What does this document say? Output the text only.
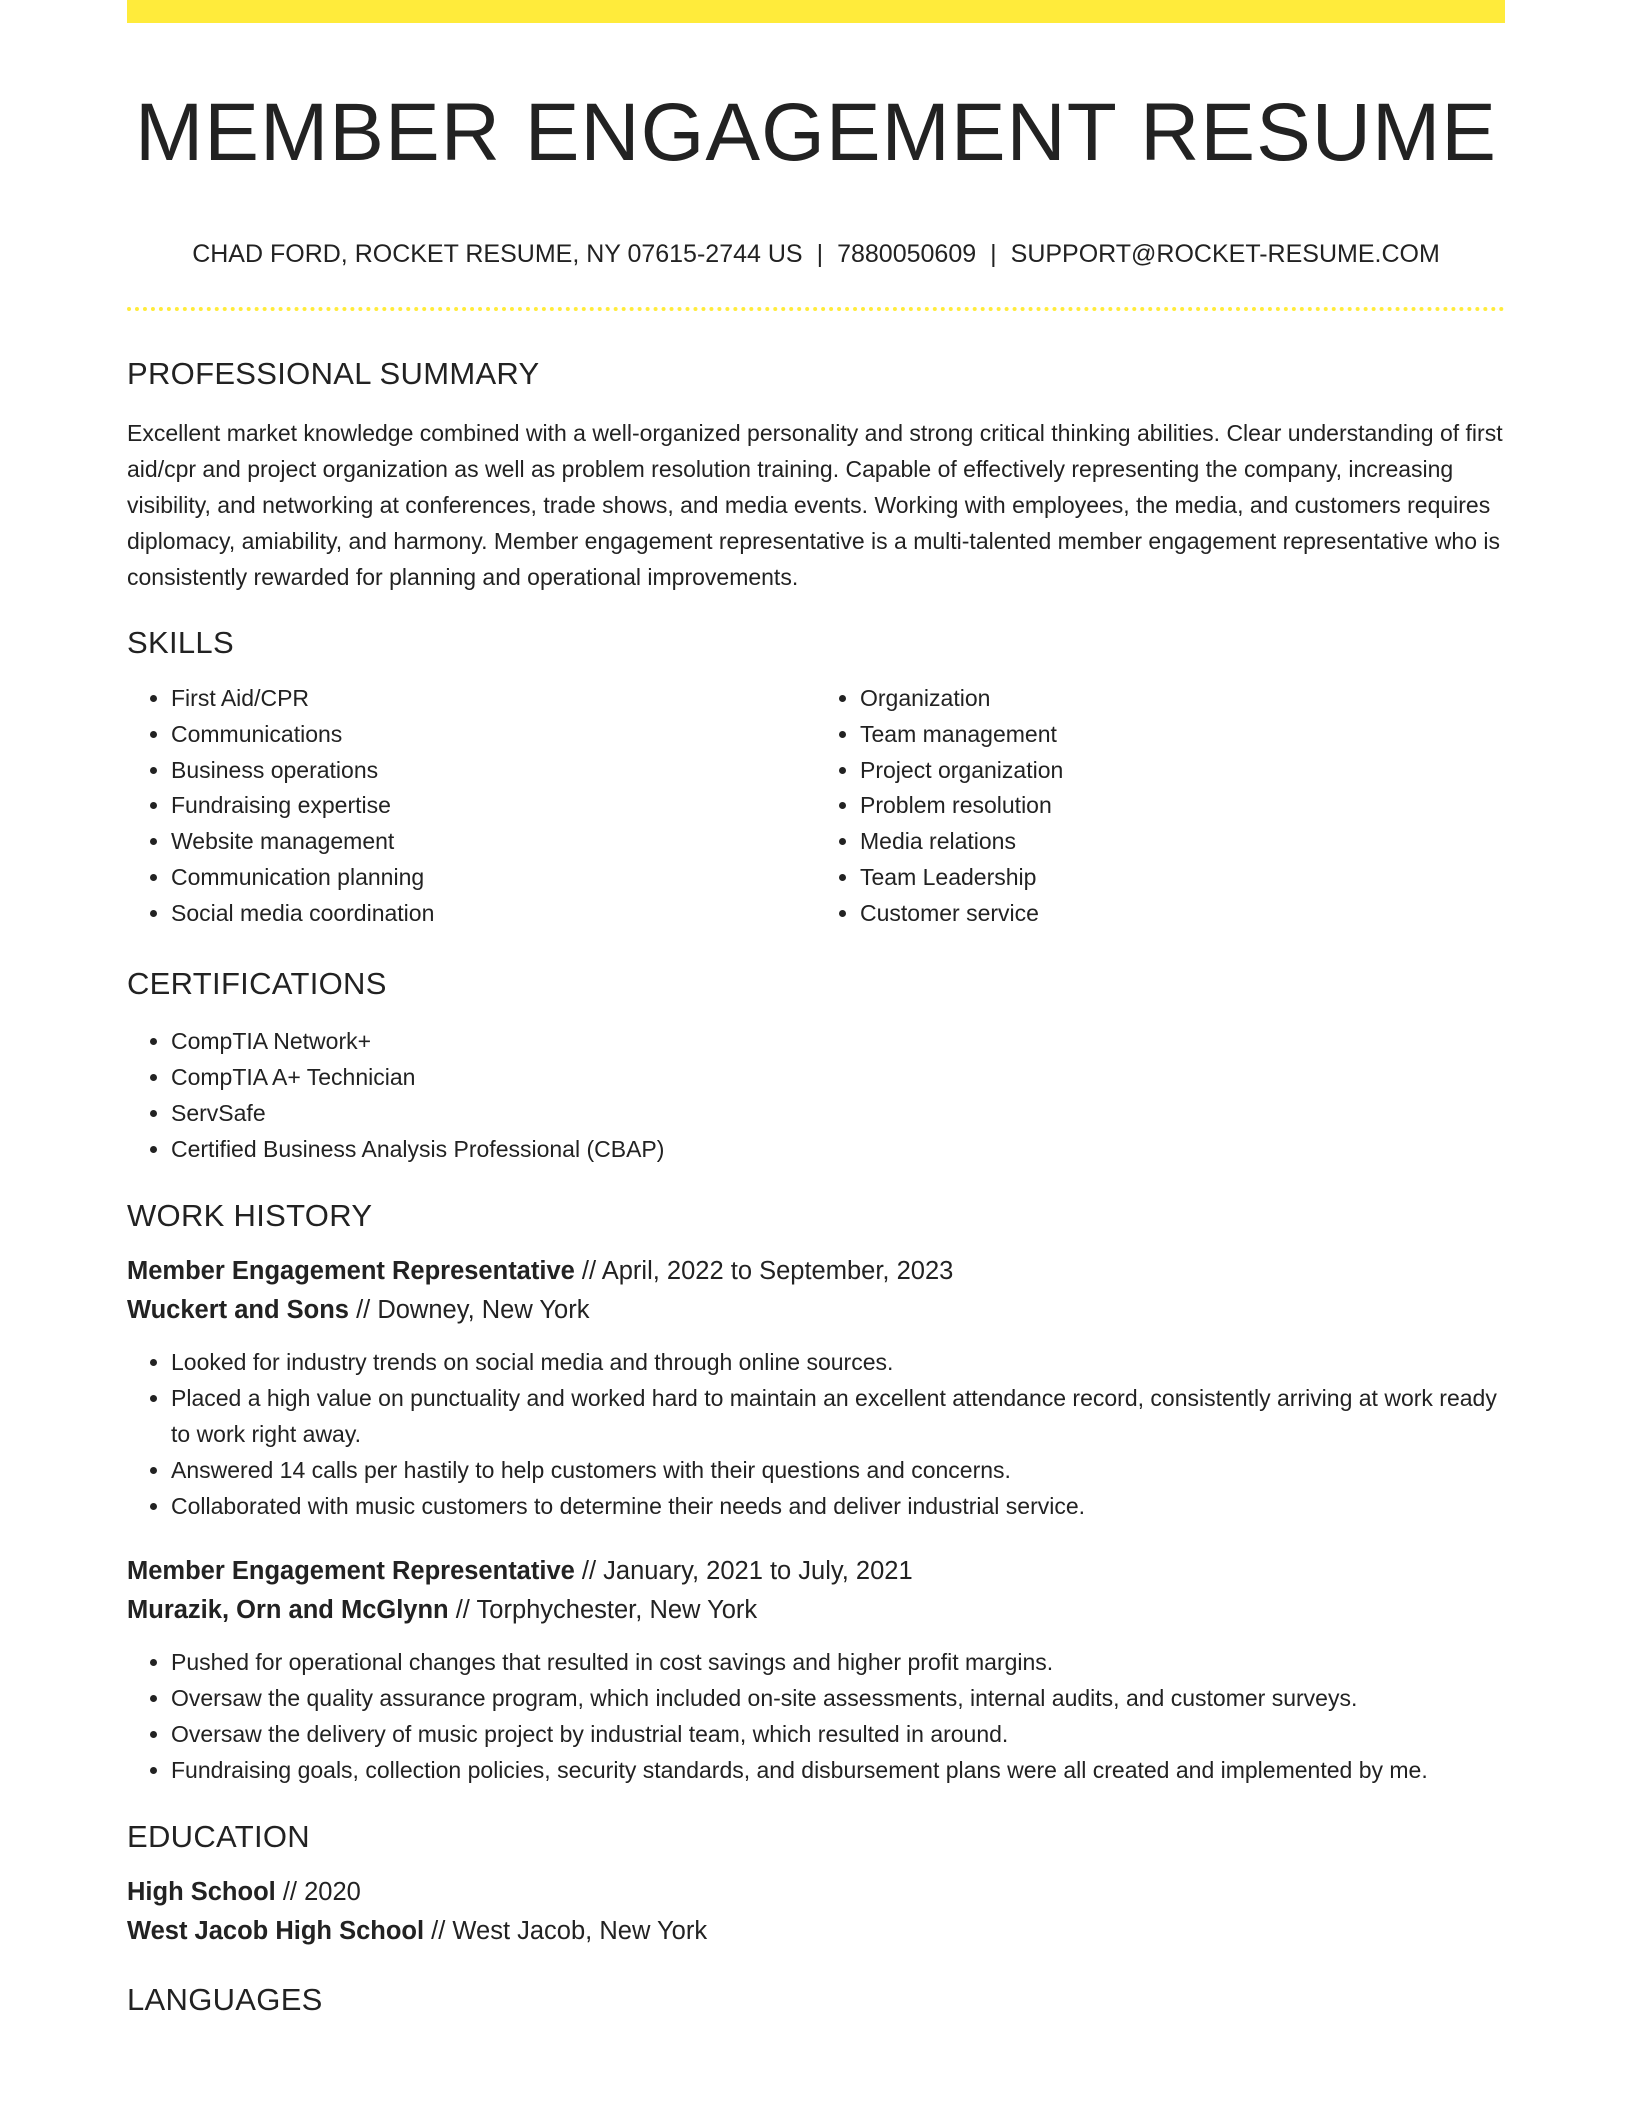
MEMBER ENGAGEMENT RESUME
CHAD FORD, ROCKET RESUME, NY 07615-2744 US | 7880050609 | SUPPORT@ROCKET-RESUME.COM
PROFESSIONAL SUMMARY

Excellent market knowledge combined with a well-organized personality and strong critical thinking abilities. Clear understanding of first aid/cpr and project organization as well as problem resolution training. Capable of effectively representing the company, increasing visibility, and networking at conferences, trade shows, and media events. Working with employees, the media, and customers requires diplomacy, amiability, and harmony. Member engagement representative is a multi-talented member engagement representative who is consistently rewarded for planning and operational improvements.

SKILLS
• First Aid/CPR
• Communications
• Business operations
• Fundraising expertise
• Website management
• Communication planning
• Social media coordination
• Organization
• Team management
• Project organization
• Problem resolution
• Media relations
• Team Leadership
• Customer service
CERTIFICATIONS
• CompTIA Network+
• CompTIA A+ Technician
• ServSafe
• Certified Business Analysis Professional (CBAP)
WORK HISTORY
Member Engagement Representative // April, 2022 to September, 2023
Wuckert and Sons // Downey, New York
• Looked for industry trends on social media and through online sources.
• Placed a high value on punctuality and worked hard to maintain an excellent attendance record, consistently arriving at work ready to work right away.
• Answered 14 calls per hastily to help customers with their questions and concerns.
• Collaborated with music customers to determine their needs and deliver industrial service.
Member Engagement Representative // January, 2021 to July, 2021
Murazik, Orn and McGlynn // Torphychester, New York
• Pushed for operational changes that resulted in cost savings and higher profit margins.
• Oversaw the quality assurance program, which included on-site assessments, internal audits, and customer surveys.
• Oversaw the delivery of music project by industrial team, which resulted in around.
• Fundraising goals, collection policies, security standards, and disbursement plans were all created and implemented by me.
EDUCATION
High School // 2020
West Jacob High School // West Jacob, New York
LANGUAGES
